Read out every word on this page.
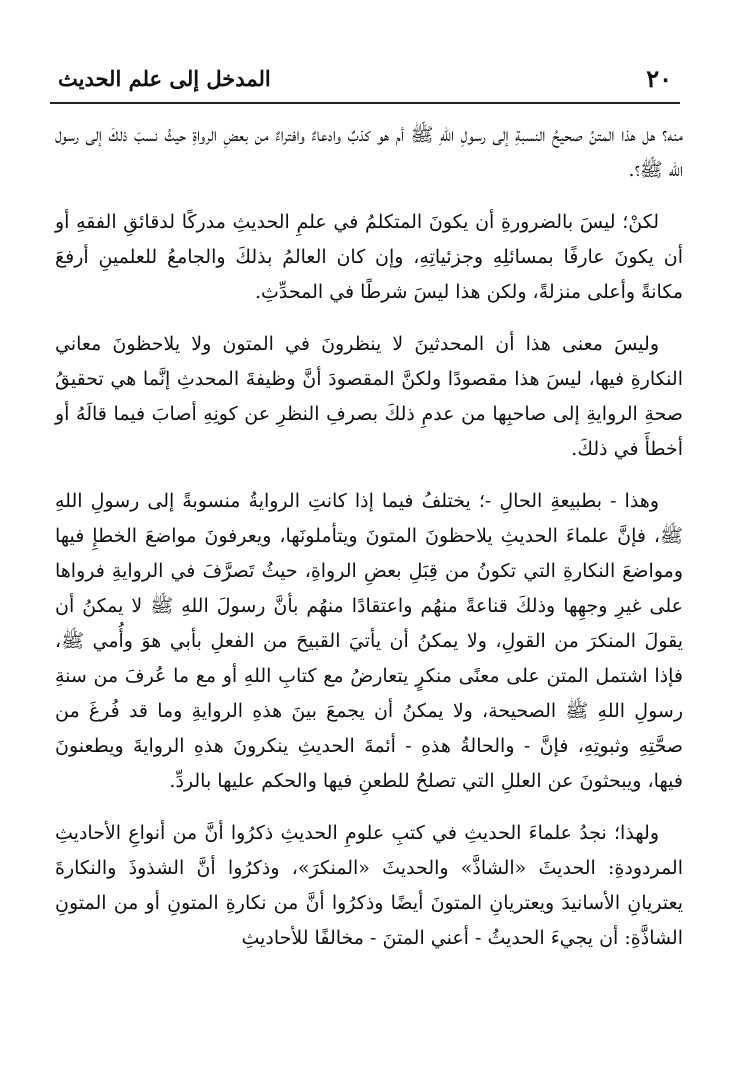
٢٠
المدخل إلى علم الحديث

منه؟ هل هذا المتنُ صحيحُ النسبةِ إلى رسولِ اللهِ ﷺ أم هو كذبٌ وادعاءٌ وافتراءٌ من بعضِ الرواةِ حيثُ نسبَ ذلكَ إلى رسول الله ﷺ؟.

لكنْ؛ ليسَ بالضرورةِ أن يكونَ المتكلمُ في علمِ الحديثِ مدركًا لدقائقِ الفقهِ أو أن يكونَ عارفًا بمسائلِهِ وجزئياتِهِ، وإن كان العالمُ بذلكَ والجامعُ للعلمينِ أرفعَ مكانةً وأعلى منزلةً، ولكن هذا ليسَ شرطًا في المحدِّثِ.

وليسَ معنى هذا أن المحدثينَ لا ينظرونَ في المتون ولا يلاحظونَ معاني النكارةِ فيها، ليسَ هذا مقصودًا ولكنَّ المقصودَ أنَّ وظيفةَ المحدثِ إنَّما هي تحقيقُ صحةِ الروايةِ إلى صاحبِها من عدمِ ذلكَ بصرفِ النظرِ عن كونِهِ أصابَ فيما قالَهُ أو أخطأَ في ذلكَ.

وهذا - بطبيعةِ الحالِ -؛ يختلفُ فيما إذا كانتِ الروايةُ منسوبةً إلى رسولِ اللهِ ﷺ، فإنَّ علماءَ الحديثِ يلاحظونَ المتونَ ويتأملونَها، ويعرفونَ مواضعَ الخطإِ فيها ومواضعَ النكارةِ التي تكونُ من قِبَلِ بعضِ الرواةِ، حيثُ تَصرَّفَ في الروايةِ فرواها على غيرِ وجهِها وذلكَ قناعةً منهُم واعتقادًا منهُم بأنَّ رسولَ اللهِ ﷺ لا يمكنُ أن يقولَ المنكرَ من القولِ، ولا يمكنُ أن يأتيَ القبيحَ من الفعلِ بأبي هوَ وأُمي ﷺ، فإذا اشتمل المتن على معنًى منكرٍ يتعارضُ مع كتابِ اللهِ أو مع ما عُرفَ من سنةِ رسولِ اللهِ ﷺ الصحيحة، ولا يمكنُ أن يجمعَ بينَ هذهِ الروايةِ وما قد فُرغَ من صحَّتِهِ وثبوتِهِ، فإنَّ - والحالةُ هذهِ - أئمةَ الحديثِ ينكرونَ هذهِ الروايةَ ويطعنونَ فيها، ويبحثونَ عن العللِ التي تصلحُ للطعنِ فيها والحكم عليها بالردِّ.

ولهذا؛ نجدُ علماءَ الحديثِ في كتبِ علومِ الحديثِ ذكرُوا أنَّ من أنواعِ الأحاديثِ المردودةِ: الحديثَ «الشاذَّ» والحديثَ «المنكرَ»، وذكرُوا أنَّ الشذوذَ والنكارةَ يعتريانِ الأسانيدَ ويعتريانِ المتونَ أيضًا وذكرُوا أنَّ من نكارةِ المتونِ أو من المتونِ الشاذَّةِ: أن يجيءَ الحديثُ - أعني المتنَ - مخالفًا للأحاديثِ
